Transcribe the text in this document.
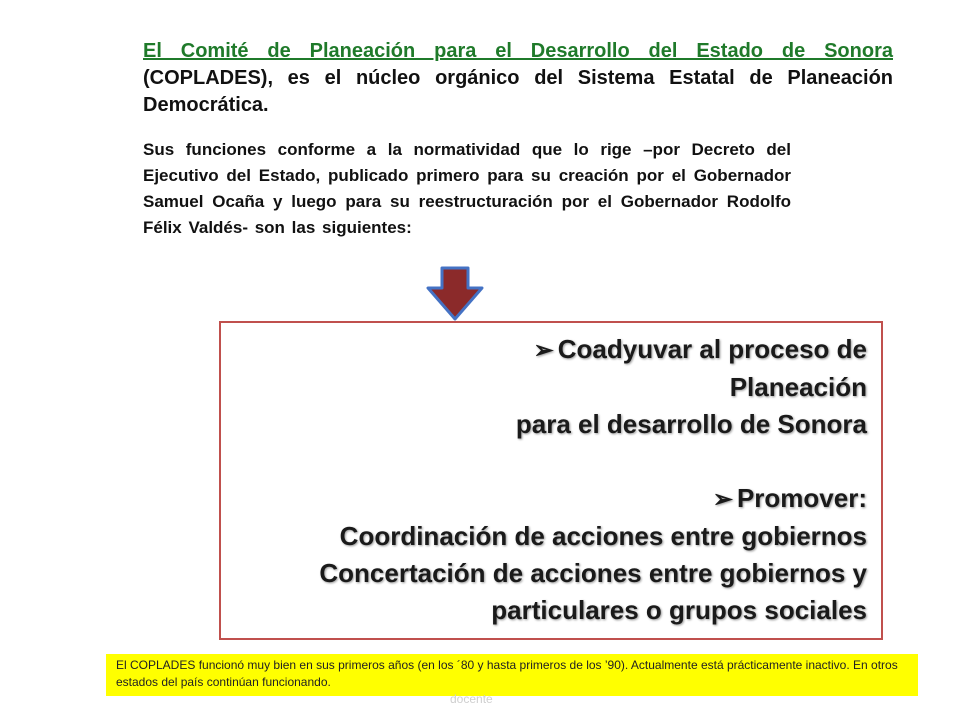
El Comité de Planeación para el Desarrollo del Estado de Sonora (COPLADES), es el núcleo orgánico del Sistema Estatal de Planeación Democrática.

Sus funciones conforme a la normatividad que lo rige –por Decreto del Ejecutivo del Estado, publicado primero para su creación por el Gobernador Samuel Ocaña y luego para su reestructuración por el Gobernador Rodolfo Félix Valdés- son las siguientes:

➢ Coadyuvar al proceso de
Planeación
para el desarrollo de Sonora
➢ Promover:
Coordinación de acciones entre gobiernos
Concertación de acciones entre gobiernos y
particulares o grupos sociales
El COPLADES funcionó muy bien en sus primeros años (en los ´80 y hasta primeros de los ’90). Actualmente está prácticamente inactivo. En otros estados del país continúan funcionando.
docente
